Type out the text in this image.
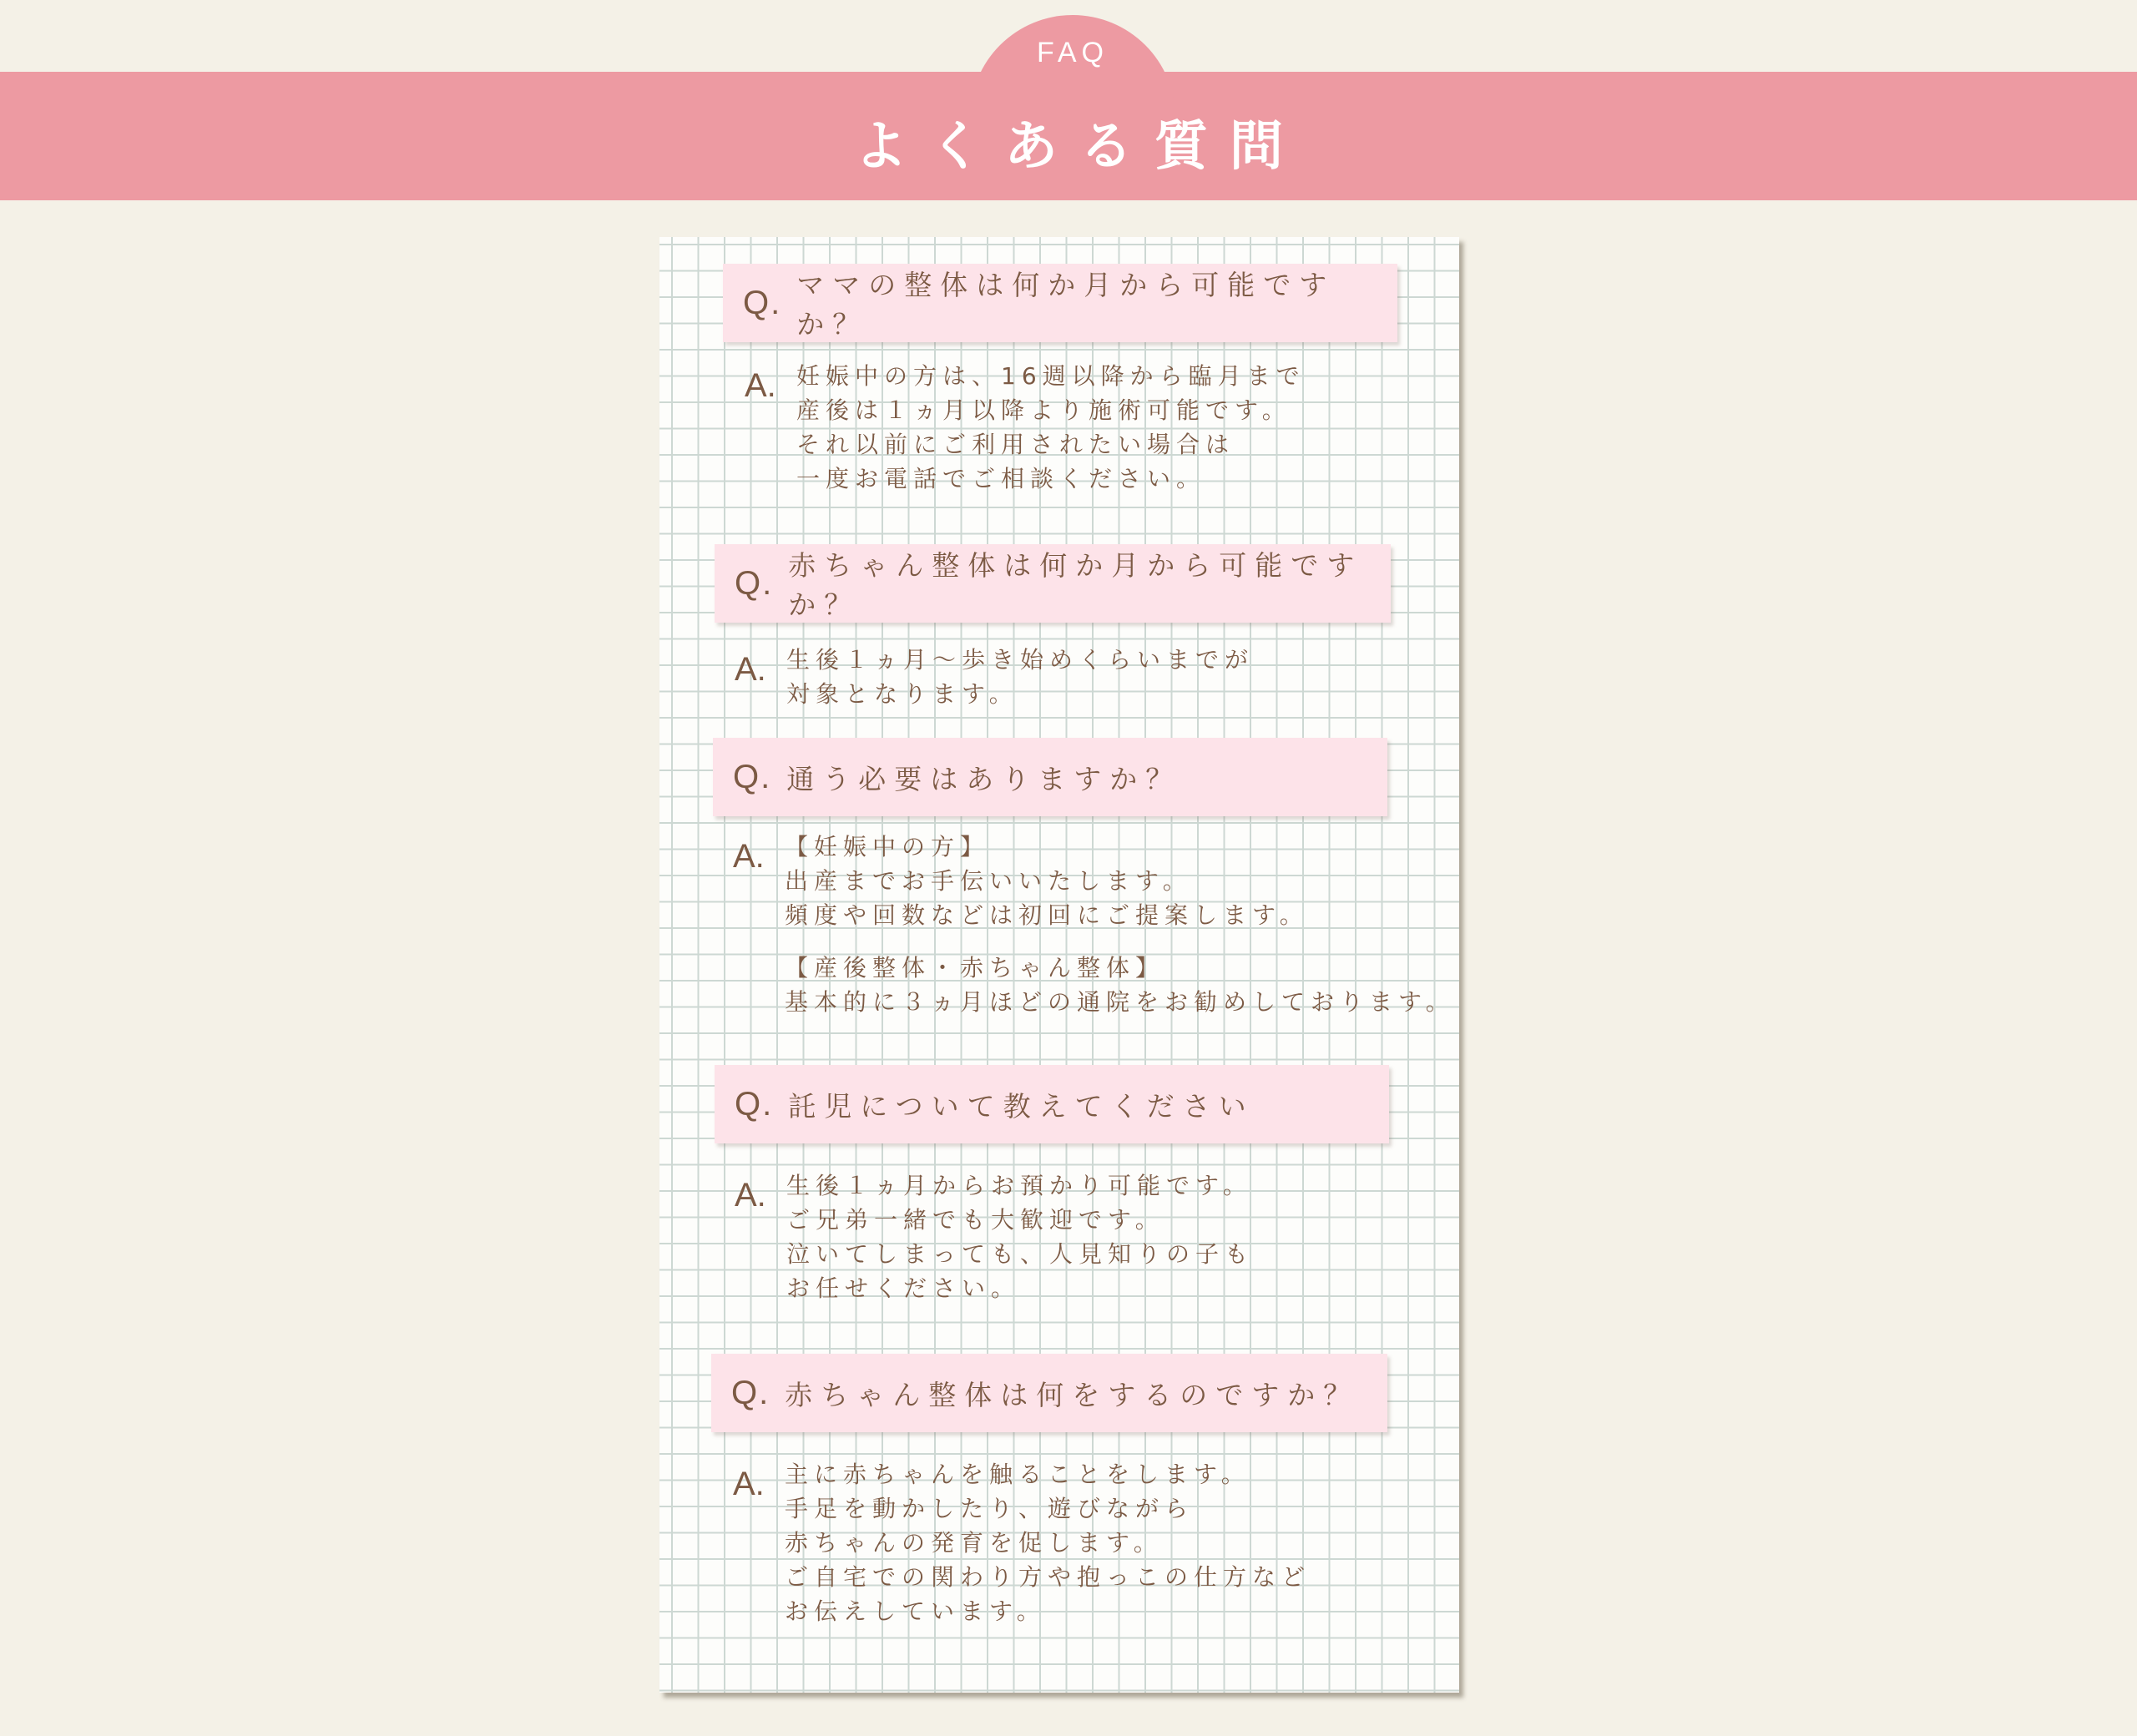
FAQ
よくある質問
Q. ママの整体は何か月から可能ですか？
A. 妊娠中の方は、16週以降から臨月まで
産後は１ヵ月以降より施術可能です。
それ以前にご利用されたい場合は
一度お電話でご相談ください。
Q. 赤ちゃん整体は何か月から可能ですか？
A. 生後１ヵ月～歩き始めくらいまでが
対象となります。
Q. 通う必要はありますか？
A. 【妊娠中の方】
出産までお手伝いいたします。
頻度や回数などは初回にご提案します。
【産後整体・赤ちゃん整体】
基本的に３ヵ月ほどの通院をお勧めしております。
Q. 託児について教えてください
A. 生後１ヵ月からお預かり可能です。
ご兄弟一緒でも大歓迎です。
泣いてしまっても、人見知りの子も
お任せください。
Q. 赤ちゃん整体は何をするのですか？
A. 主に赤ちゃんを触ることをします。
手足を動かしたり、遊びながら
赤ちゃんの発育を促します。
ご自宅での関わり方や抱っこの仕方など
お伝えしています。
